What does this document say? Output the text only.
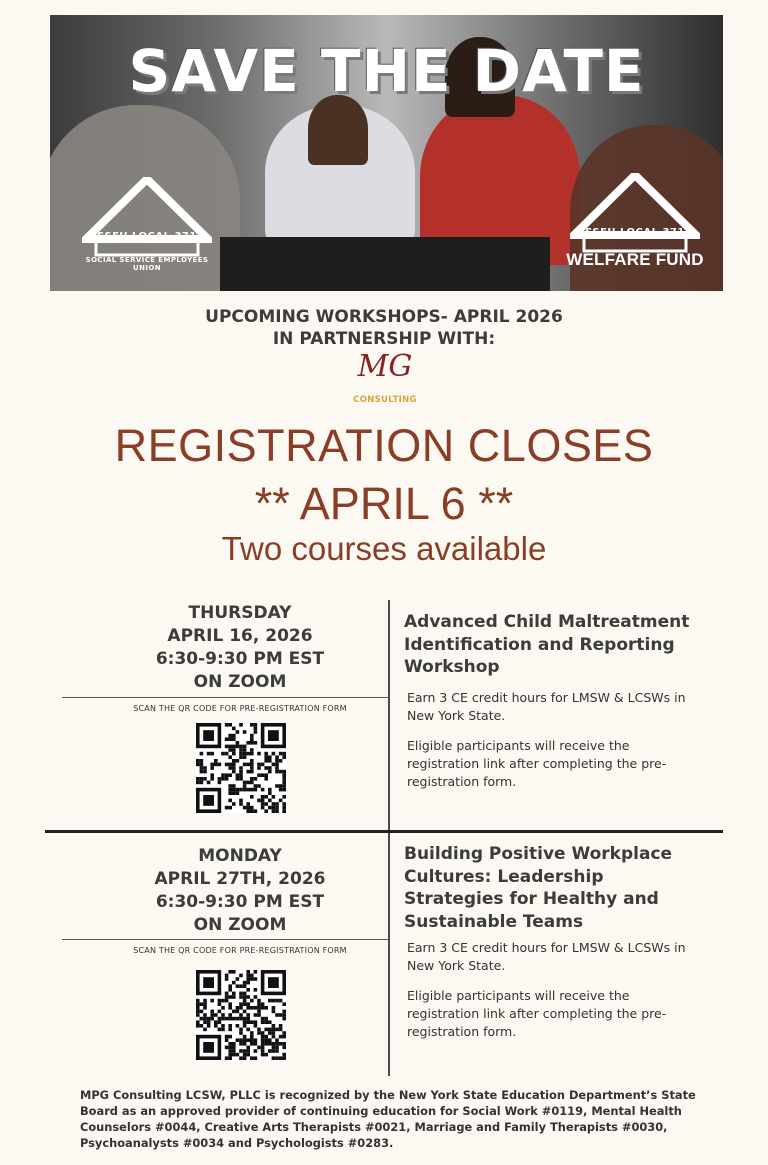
SAVE THE DATE
SSEU LOCAL 371
SOCIAL SERVICE EMPLOYEES UNION
SSEU LOCAL 371
WELFARE FUND
UPCOMING WORKSHOPS- APRIL 2026
IN PARTNERSHIP WITH:
MG
CONSULTING
REGISTRATION CLOSES
** APRIL 6 **
Two courses available
THURSDAY
APRIL 16, 2026
6:30-9:30 PM EST
ON ZOOM
SCAN THE QR CODE FOR PRE-REGISTRATION FORM
Advanced Child Maltreatment Identification and Reporting Workshop
Earn 3 CE credit hours for LMSW & LCSWs in New York State.
Eligible participants will receive the registration link after completing the pre-registration form.
MONDAY
APRIL 27TH, 2026
6:30-9:30 PM EST
ON ZOOM
SCAN THE QR CODE FOR PRE-REGISTRATION FORM
Building Positive Workplace Cultures: Leadership Strategies for Healthy and Sustainable Teams
Earn 3 CE credit hours for LMSW & LCSWs in New York State.
Eligible participants will receive the registration link after completing the pre-registration form.
MPG Consulting LCSW, PLLC is recognized by the New York State Education Department’s State Board as an approved provider of continuing education for Social Work #0119, Mental Health Counselors #0044, Creative Arts Therapists #0021, Marriage and Family Therapists #0030, Psychoanalysts #0034 and Psychologists #0283.
